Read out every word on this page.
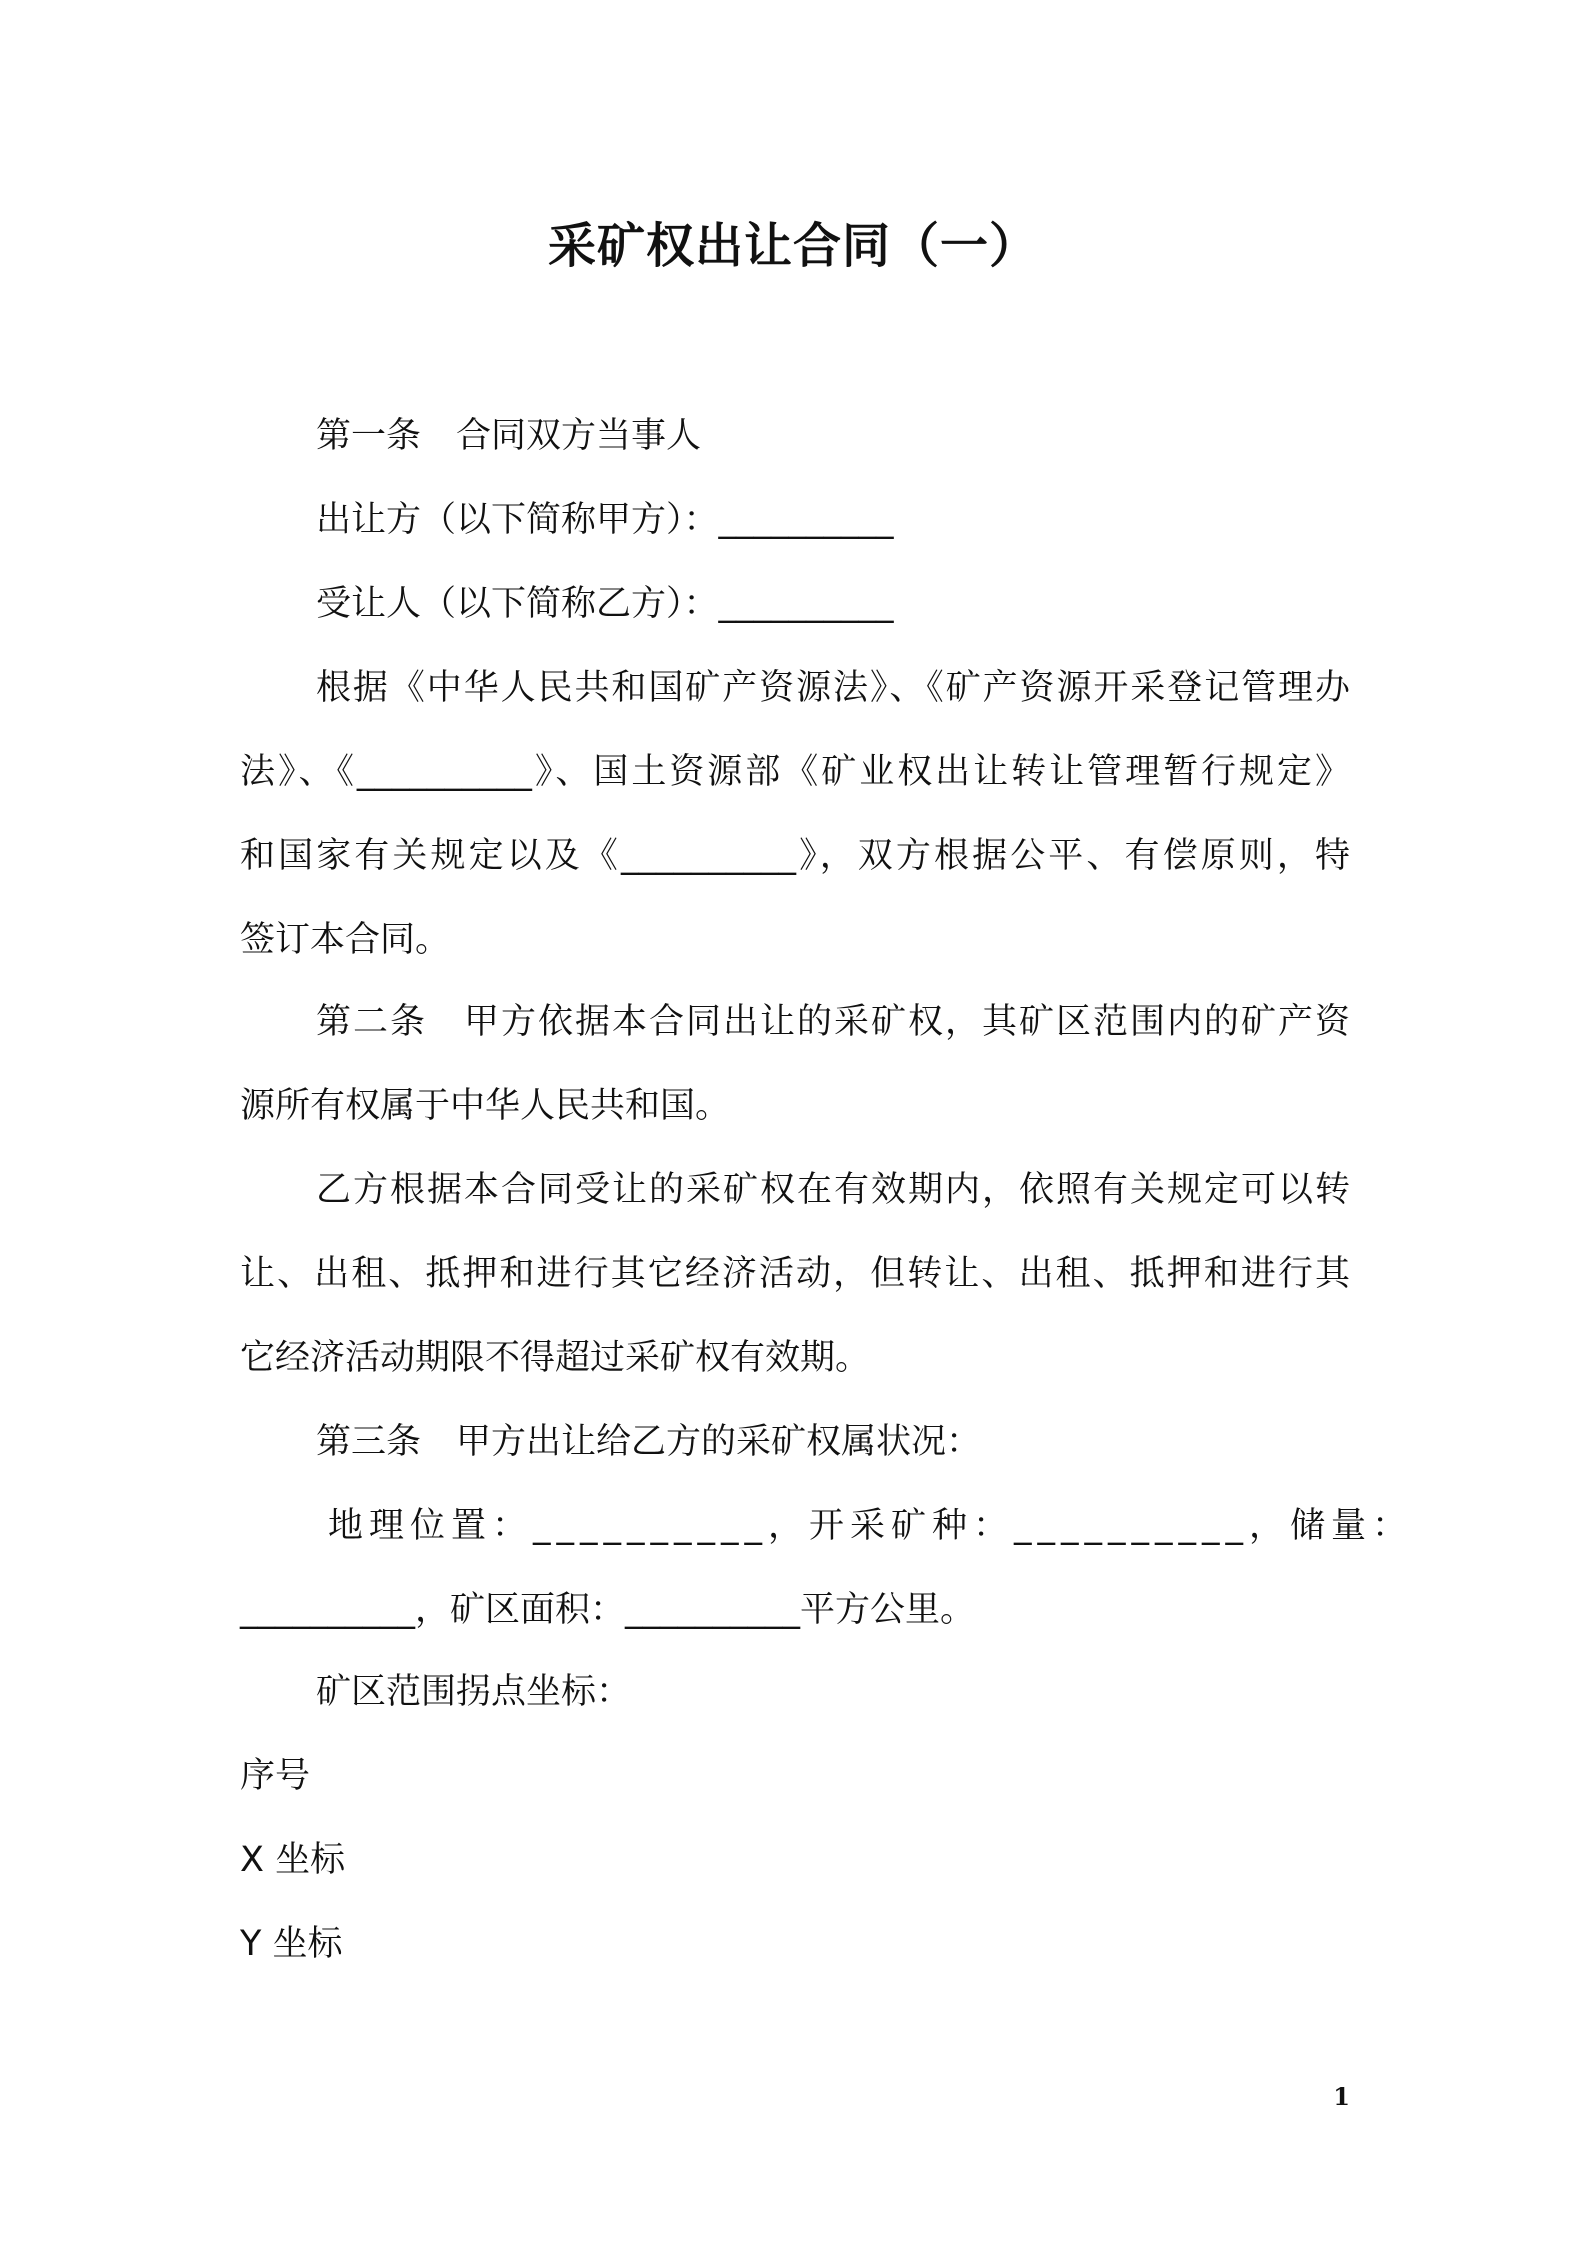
采矿权出让合同（一）
第一条　合同双方当事人
出让方（以下简称甲方）：__________
受让人（以下简称乙方）：__________
根据《中华人民共和国矿产资源法》、《矿产资源开采登记管理办
法》、《__________》、国土资源部《矿业权出让转让管理暂行规定》
和国家有关规定以及《__________》，双方根据公平、有偿原则，特
签订本合同。
第二条　甲方依据本合同出让的采矿权，其矿区范围内的矿产资
源所有权属于中华人民共和国。
乙方根据本合同受让的采矿权在有效期内，依照有关规定可以转
让、出租、抵押和进行其它经济活动，但转让、出租、抵押和进行其
它经济活动期限不得超过采矿权有效期。
第三条　甲方出让给乙方的采矿权属状况：
地理位置：__________，开采矿种：__________，储量：
__________，矿区面积：__________平方公里。
矿区范围拐点坐标：
序号
X 坐标
Y 坐标
1
